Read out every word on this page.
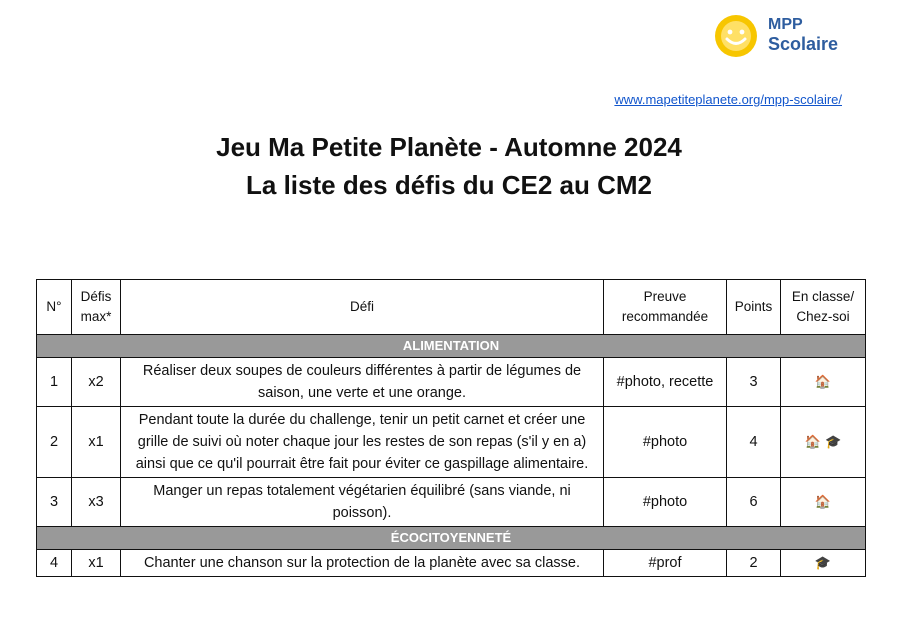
MPP
Scolaire
www.mapetiteplanete.org/mpp-scolaire/
Jeu Ma Petite Planète - Automne 2024
La liste des défis du CE2 au CM2
N°	Défis max*	Défi	Preuve recommandée	Points	En classe/ Chez-soi
ALIMENTATION					
1	x2	Réaliser deux soupes de couleurs différentes à partir de légumes de saison, une verte et une orange.	#photo, recette	3	🏠
2	x1	Pendant toute la durée du challenge, tenir un petit carnet et créer une grille de suivi où noter chaque jour les restes de son repas (s'il y en a) ainsi que ce qu'il pourrait être fait pour éviter ce gaspillage alimentaire.	#photo	4	🏠 🎓
3	x3	Manger un repas totalement végétarien équilibré (sans viande, ni poisson).	#photo	6	🏠
ÉCOCITOYENNETÉ					
4	x1	Chanter une chanson sur la protection de la planète avec sa classe.	#prof	2	🎓
